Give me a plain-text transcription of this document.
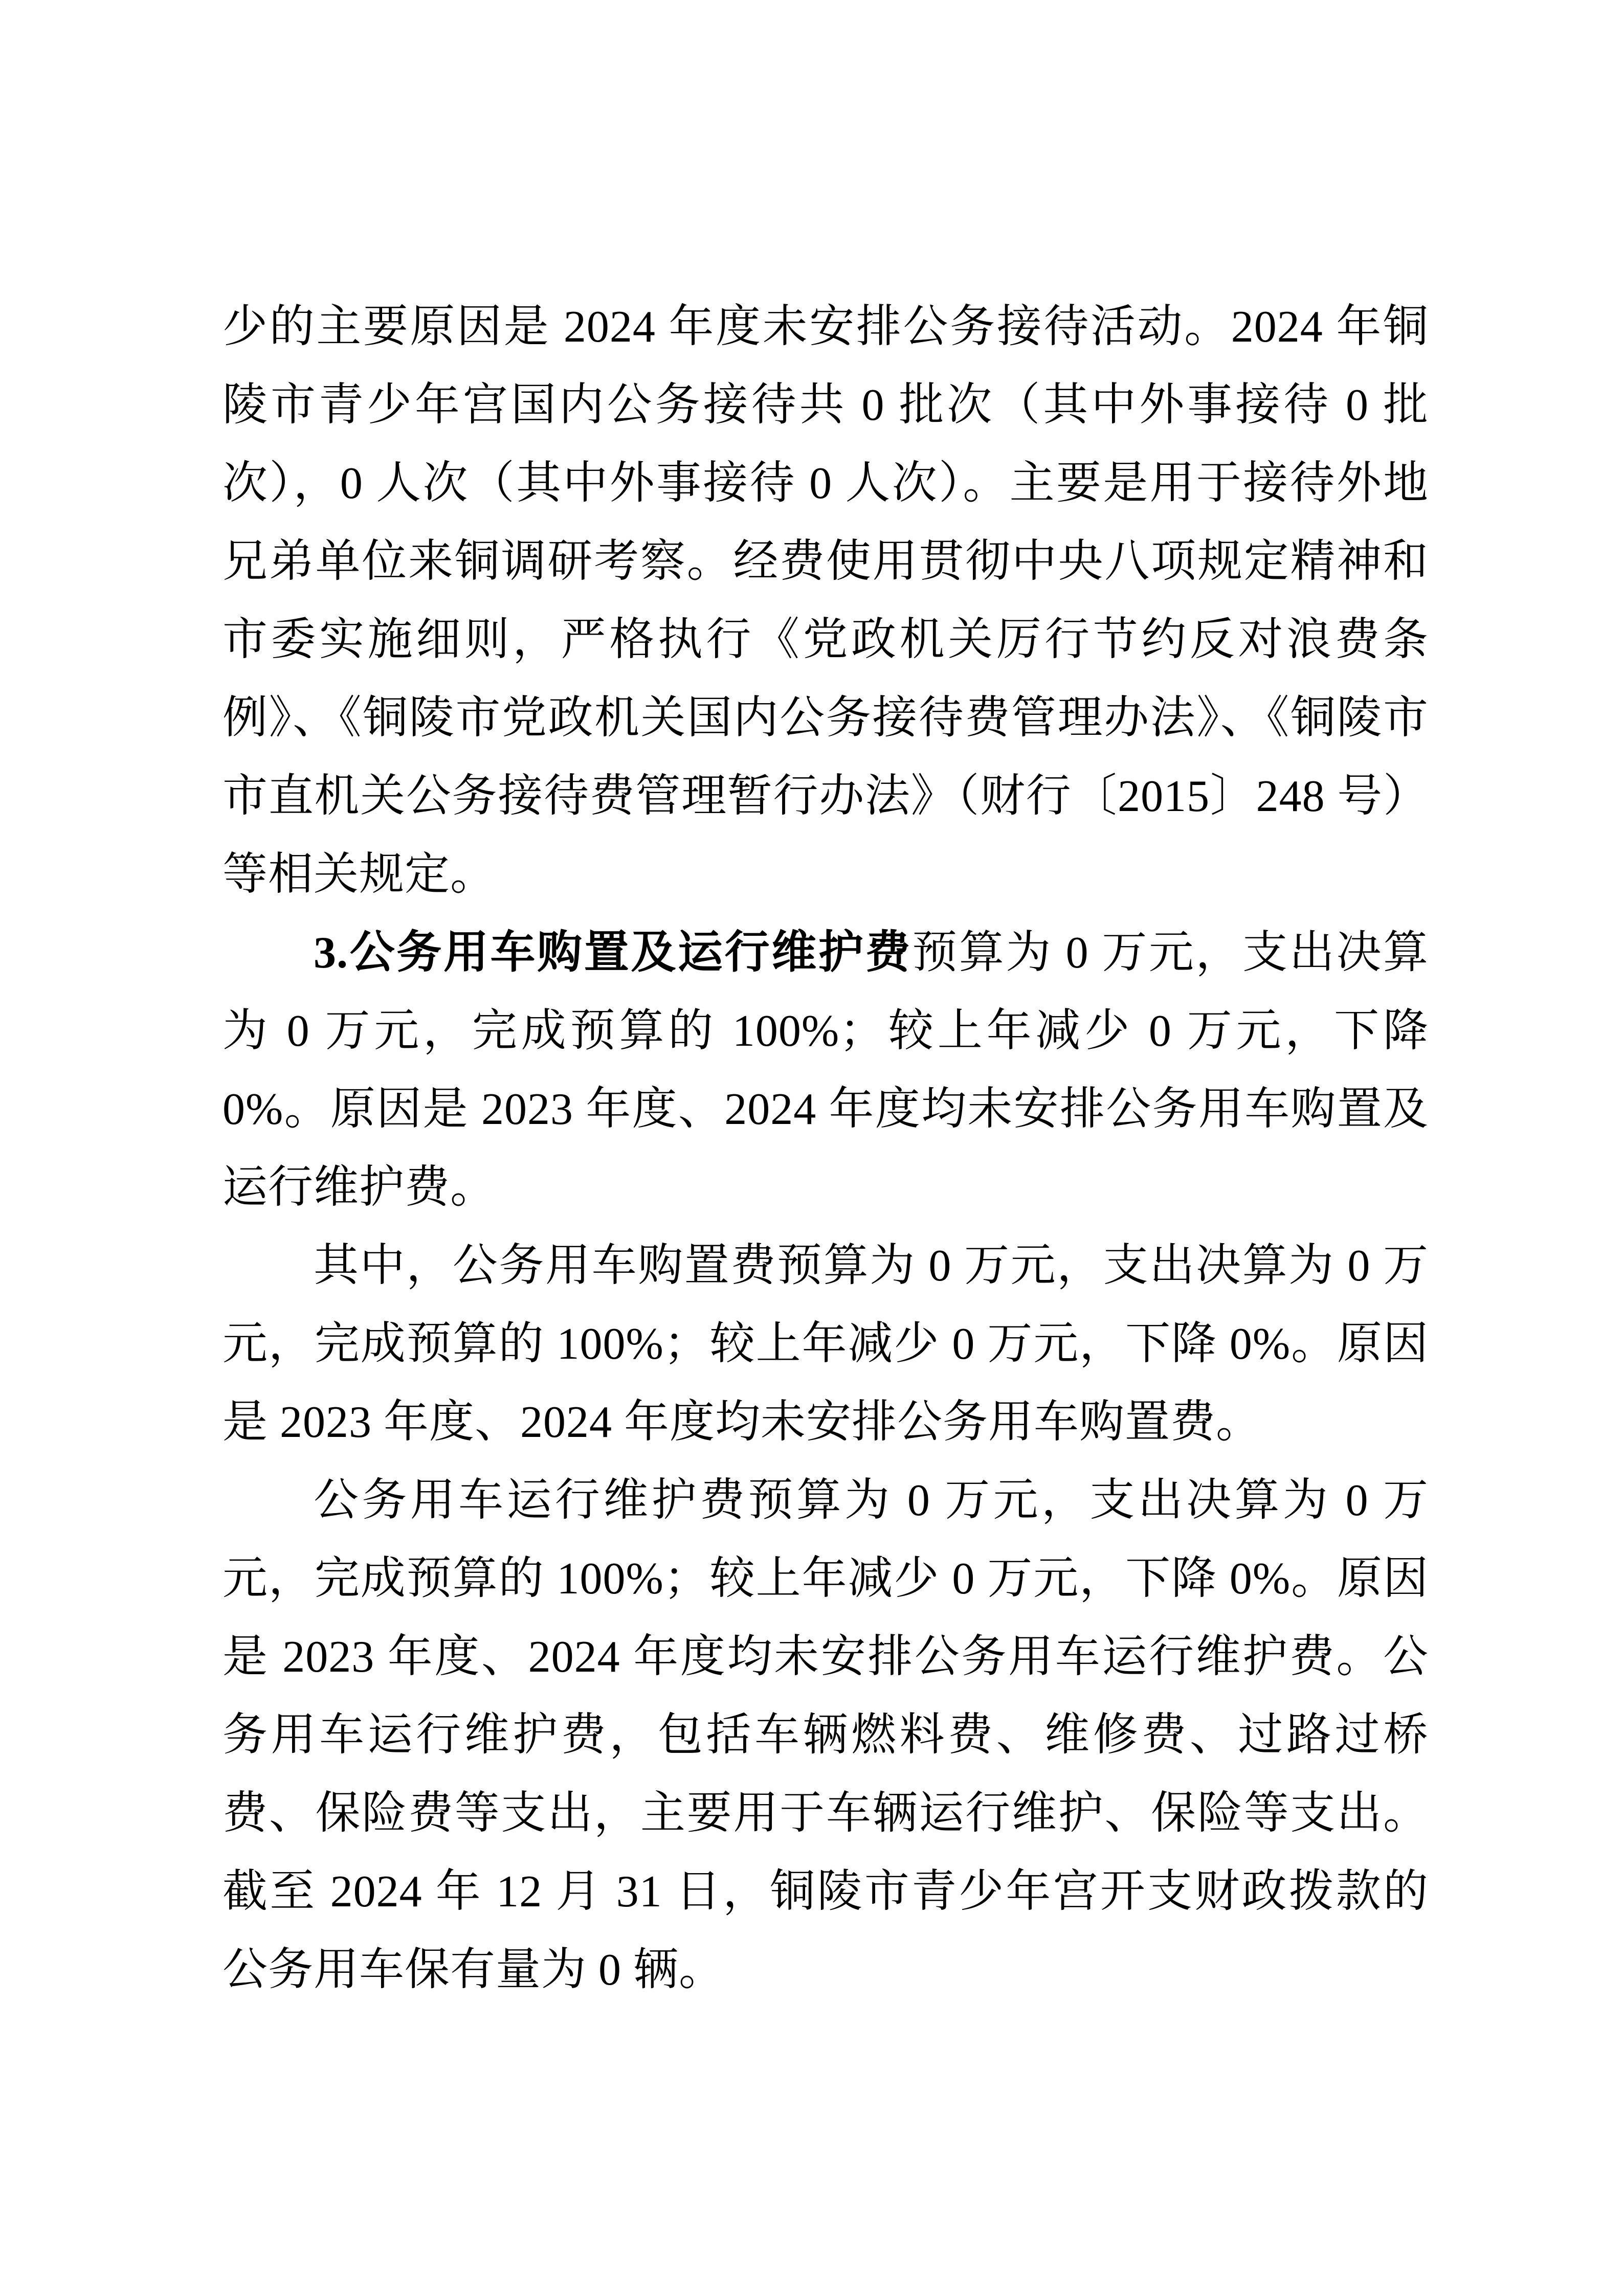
少的主要原因是 2024 年度未安排公务接待活动。2024 年铜陵市青少年宫国内公务接待共 0 批次（其中外事接待 0 批次），0 人次（其中外事接待 0 人次）。主要是用于接待外地兄弟单位来铜调研考察。经费使用贯彻中央八项规定精神和市委实施细则，严格执行《党政机关厉行节约反对浪费条例》、《铜陵市党政机关国内公务接待费管理办法》、《铜陵市市直机关公务接待费管理暂行办法》（财行〔2015〕248 号）等相关规定。

3.公务用车购置及运行维护费预算为 0 万元，支出决算为 0 万元，完成预算的 100%；较上年减少 0 万元，下降 0%。原因是 2023 年度、2024 年度均未安排公务用车购置及运行维护费。

其中，公务用车购置费预算为 0 万元，支出决算为 0 万元，完成预算的 100%；较上年减少 0 万元，下降 0%。原因是 2023 年度、2024 年度均未安排公务用车购置费。

公务用车运行维护费预算为 0 万元，支出决算为 0 万元，完成预算的 100%；较上年减少 0 万元，下降 0%。原因是 2023 年度、2024 年度均未安排公务用车运行维护费。公务用车运行维护费，包括车辆燃料费、维修费、过路过桥费、保险费等支出，主要用于车辆运行维护、保险等支出。截至 2024 年 12 月 31 日，铜陵市青少年宫开支财政拨款的公务用车保有量为 0 辆。
